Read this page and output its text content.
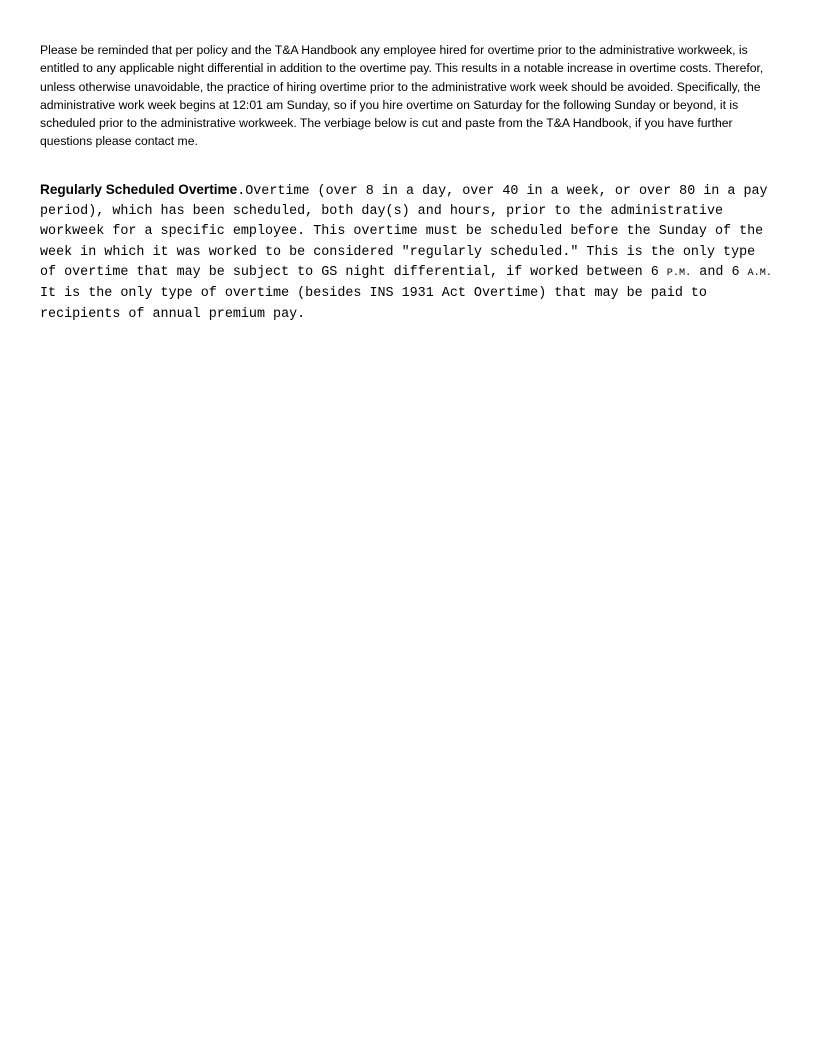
Please be reminded that per policy and the T&A Handbook any employee hired for overtime prior to the administrative workweek, is entitled to any applicable night differential in addition to the overtime pay. This results in a notable increase in overtime costs. Therefor, unless otherwise unavoidable, the practice of hiring overtime prior to the administrative work week should be avoided. Specifically, the administrative work week begins at 12:01 am Sunday, so if you hire overtime on Saturday for the following Sunday or beyond, it is scheduled prior to the administrative workweek. The verbiage below is cut and paste from the T&A Handbook, if you have further questions please contact me.

Regularly Scheduled Overtime.Overtime (over 8 in a day, over 40 in a week, or over 80 in a pay period), which has been scheduled, both day(s) and hours, prior to the administrative workweek for a specific employee. This overtime must be scheduled before the Sunday of the week in which it was worked to be considered "regularly scheduled." This is the only type of overtime that may be subject to GS night differential, if worked between 6 P.M. and 6 A.M. It is the only type of overtime (besides INS 1931 Act Overtime) that may be paid to recipients of annual premium pay.
